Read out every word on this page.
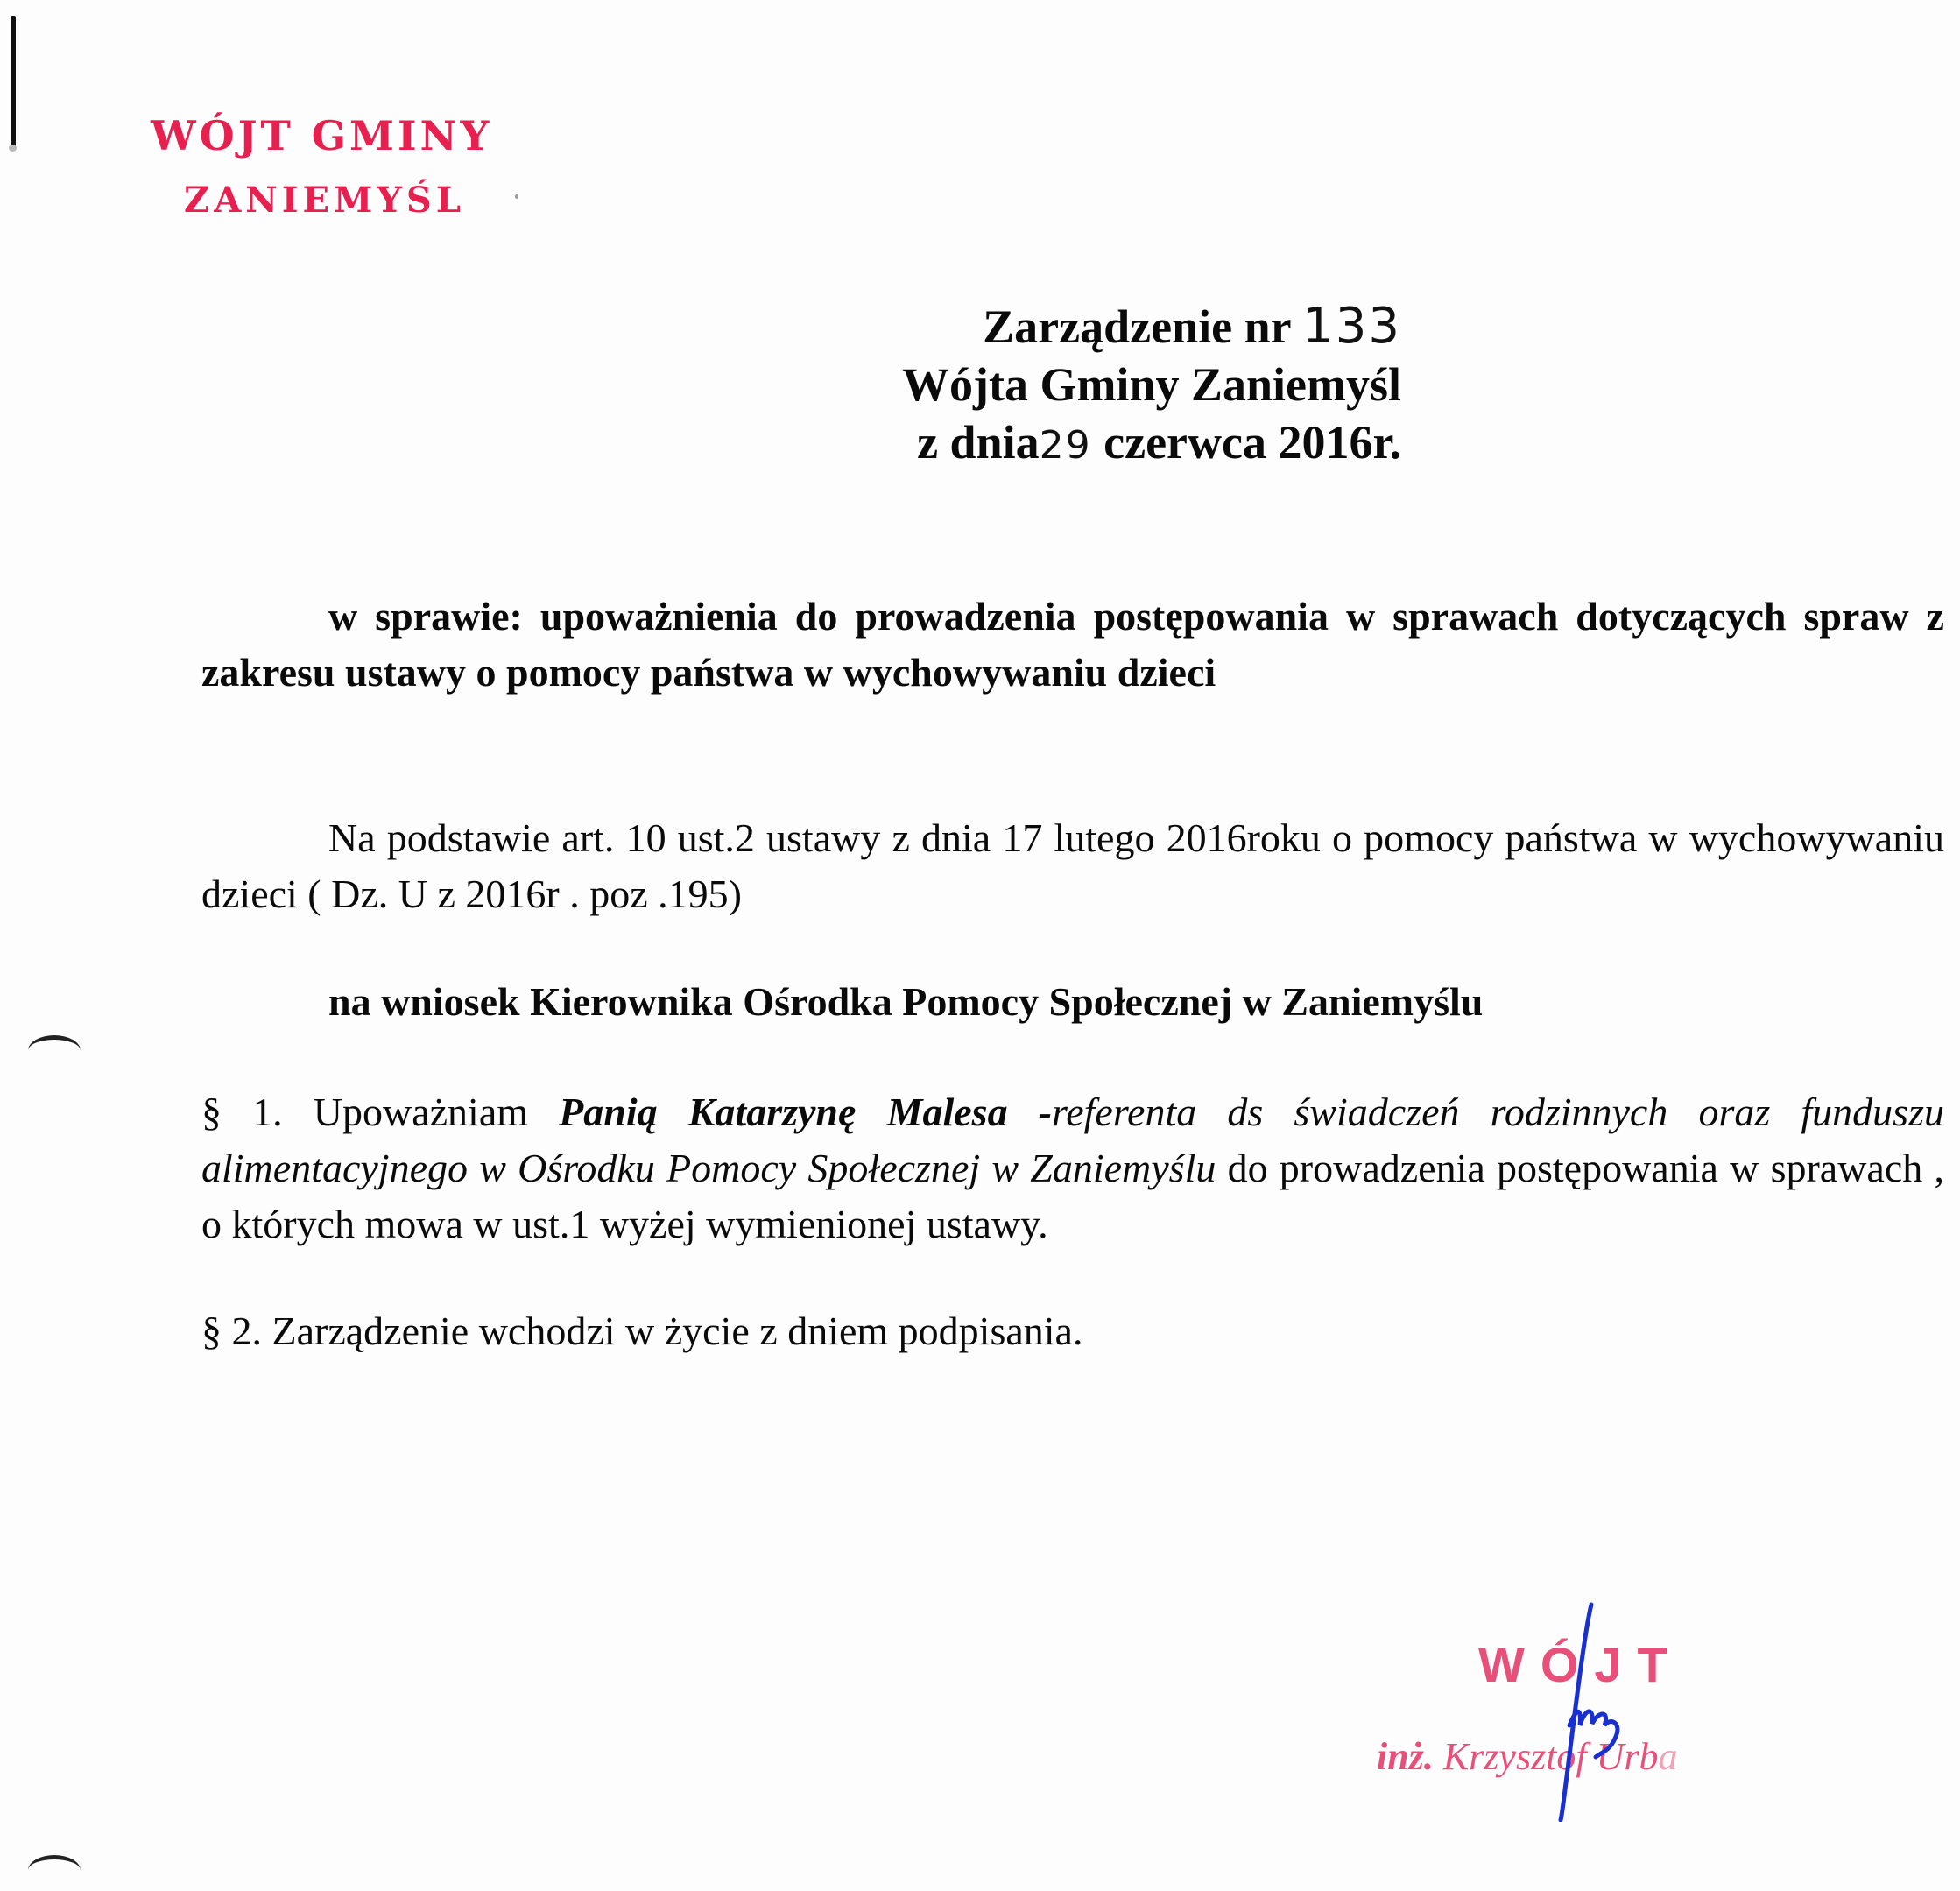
WÓJT GMINY
ZANIEMYŚL
Zarządzenie nr 133
Wójta Gminy Zaniemyśl
z dnia29 czerwca 2016r.
w sprawie: upoważnienia do prowadzenia postępowania w sprawach dotyczących spraw z zakresu ustawy o pomocy państwa w wychowywaniu dzieci
Na podstawie art. 10 ust.2 ustawy z dnia 17 lutego 2016roku o pomocy państwa w wychowywaniu dzieci ( Dz. U z 2016r . poz .195)
na wniosek Kierownika Ośrodka Pomocy Społecznej w Zaniemyślu
§ 1. Upoważniam Panią Katarzynę Malesa -referenta ds świadczeń rodzinnych oraz funduszu alimentacyjnego w Ośrodku Pomocy Społecznej w Zaniemyślu do prowadzenia postępowania w sprawach , o których mowa w ust.1 wyżej wymienionej ustawy.
§ 2. Zarządzenie wchodzi w życie z dniem podpisania.
WÓJT
inż. Krzysztof Urba
